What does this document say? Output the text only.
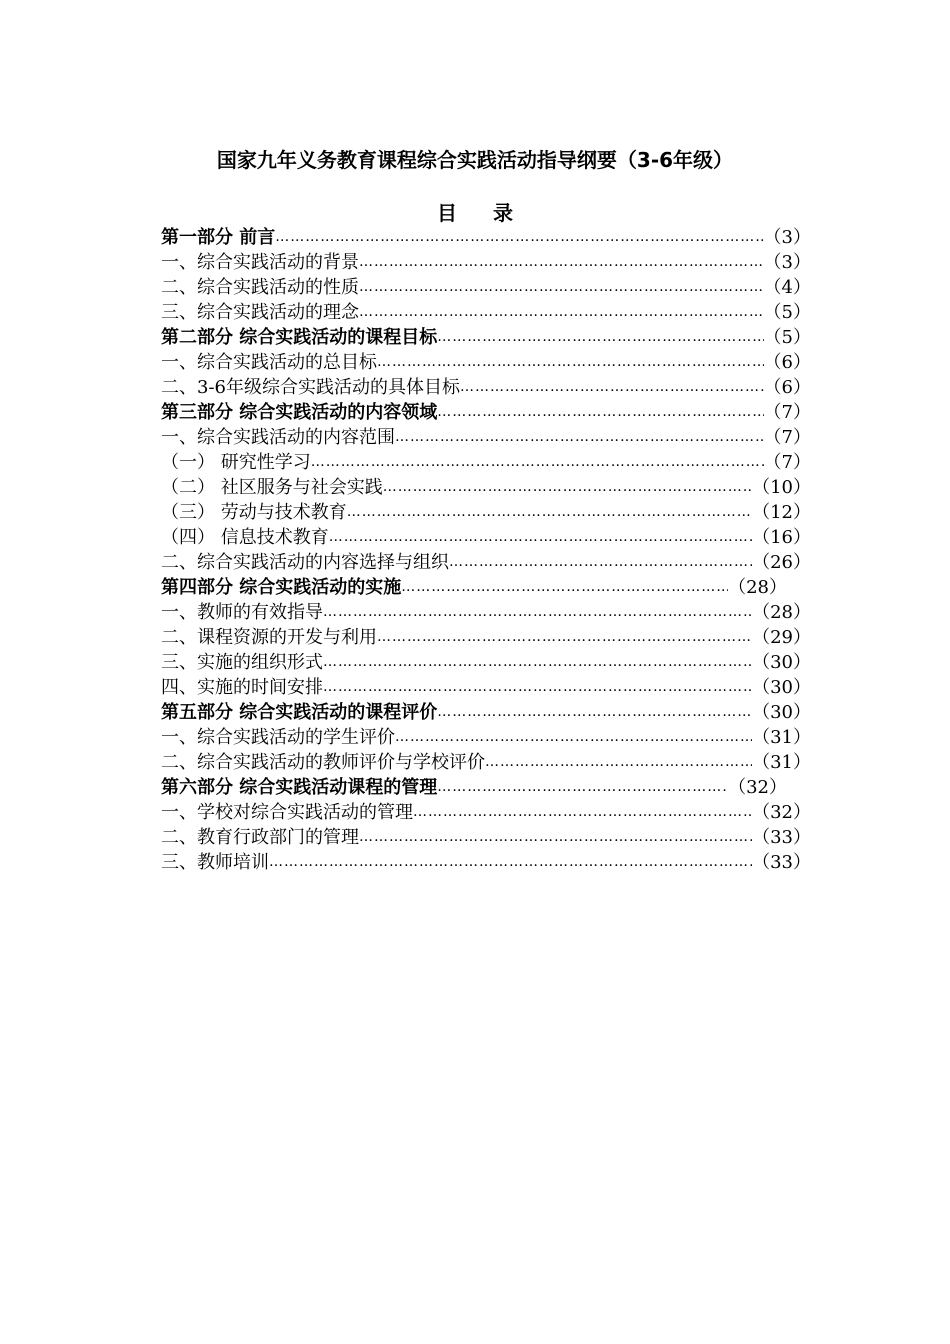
国家九年义务教育课程综合实践活动指导纲要（3-6年级）
目录
第一部分 前言 …………………………………………………………………………………………………………………………………………………………………………	（3）
一、综合实践活动的背景 …………………………………………………………………………………………………………………………………………………………………………	（3）
二、综合实践活动的性质 …………………………………………………………………………………………………………………………………………………………………………	（4）
三、综合实践活动的理念 …………………………………………………………………………………………………………………………………………………………………………	（5）
第二部分 综合实践活动的课程目标 …………………………………………………………………………………………………………………………………………………………………………	（5）
一、综合实践活动的总目标 …………………………………………………………………………………………………………………………………………………………………………	（6）
二、3-6年级综合实践活动的具体目标 …………………………………………………………………………………………………………………………………………………………………………	（6）
第三部分 综合实践活动的内容领域 …………………………………………………………………………………………………………………………………………………………………………	（7）
一、综合实践活动的内容范围 …………………………………………………………………………………………………………………………………………………………………………	（7）
（一） 研究性学习 …………………………………………………………………………………………………………………………………………………………………………	（7）
（二） 社区服务与社会实践 …………………………………………………………………………………………………………………………………………………………………………	（10）
（三） 劳动与技术教育 …………………………………………………………………………………………………………………………………………………………………………	（12）
（四） 信息技术教育 …………………………………………………………………………………………………………………………………………………………………………	（16）
二、综合实践活动的内容选择与组织 …………………………………………………………………………………………………………………………………………………………………………	（26）
第四部分 综合实践活动的实施 …………………………………………………………………………………………………………………………………………………………………………	（28）
一、教师的有效指导 …………………………………………………………………………………………………………………………………………………………………………	（28）
二、课程资源的开发与利用 …………………………………………………………………………………………………………………………………………………………………………	（29）
三、实施的组织形式 …………………………………………………………………………………………………………………………………………………………………………	（30）
四、实施的时间安排 …………………………………………………………………………………………………………………………………………………………………………	（30）
第五部分 综合实践活动的课程评价 …………………………………………………………………………………………………………………………………………………………………………	（30）
一、综合实践活动的学生评价 …………………………………………………………………………………………………………………………………………………………………………	（31）
二、综合实践活动的教师评价与学校评价 …………………………………………………………………………………………………………………………………………………………………………	（31）
第六部分 综合实践活动课程的管理 …………………………………………………………………………………………………………………………………………………………………………	（32）
一、学校对综合实践活动的管理 …………………………………………………………………………………………………………………………………………………………………………	（32）
二、教育行政部门的管理 …………………………………………………………………………………………………………………………………………………………………………	（33）
三、教师培训 …………………………………………………………………………………………………………………………………………………………………………	（33）
